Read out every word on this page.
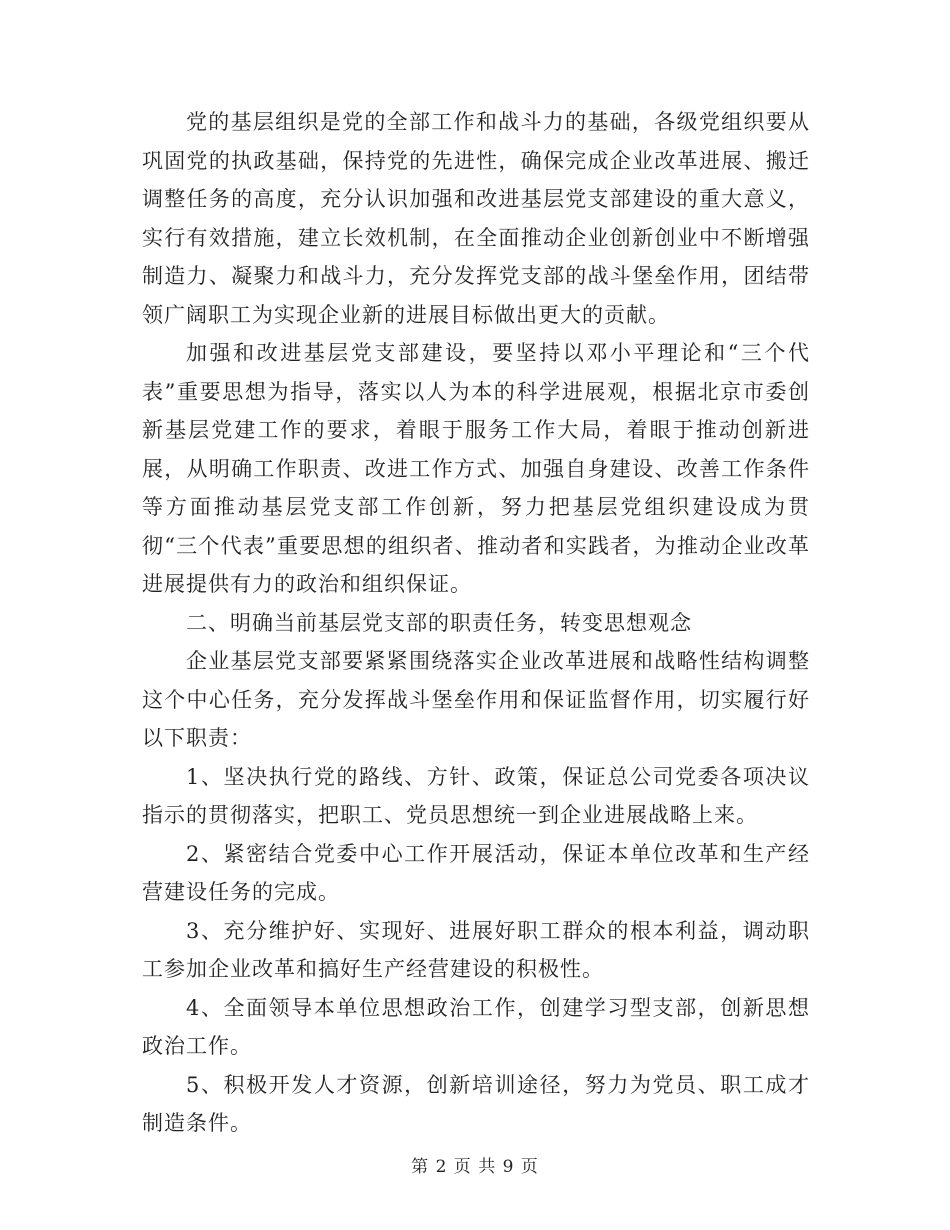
党的基层组织是党的全部工作和战斗力的基础，各级党组织要从巩固党的执政基础，保持党的先进性，确保完成企业改革进展、搬迁调整任务的高度，充分认识加强和改进基层党支部建设的重大意义，实行有效措施，建立长效机制，在全面推动企业创新创业中不断增强制造力、凝聚力和战斗力，充分发挥党支部的战斗堡垒作用，团结带领广阔职工为实现企业新的进展目标做出更大的贡献。

加强和改进基层党支部建设，要坚持以邓小平理论和“三个代表”重要思想为指导，落实以人为本的科学进展观，根据北京市委创新基层党建工作的要求，着眼于服务工作大局，着眼于推动创新进展，从明确工作职责、改进工作方式、加强自身建设、改善工作条件等方面推动基层党支部工作创新，努力把基层党组织建设成为贯彻“三个代表”重要思想的组织者、推动者和实践者，为推动企业改革进展提供有力的政治和组织保证。

二、明确当前基层党支部的职责任务，转变思想观念

企业基层党支部要紧紧围绕落实企业改革进展和战略性结构调整这个中心任务，充分发挥战斗堡垒作用和保证监督作用，切实履行好以下职责：

1、坚决执行党的路线、方针、政策，保证总公司党委各项决议指示的贯彻落实，把职工、党员思想统一到企业进展战略上来。

2、紧密结合党委中心工作开展活动，保证本单位改革和生产经营建设任务的完成。

3、充分维护好、实现好、进展好职工群众的根本利益，调动职工参加企业改革和搞好生产经营建设的积极性。

4、全面领导本单位思想政治工作，创建学习型支部，创新思想政治工作。

5、积极开发人才资源，创新培训途径，努力为党员、职工成才制造条件。

第 2 页 共 9 页
